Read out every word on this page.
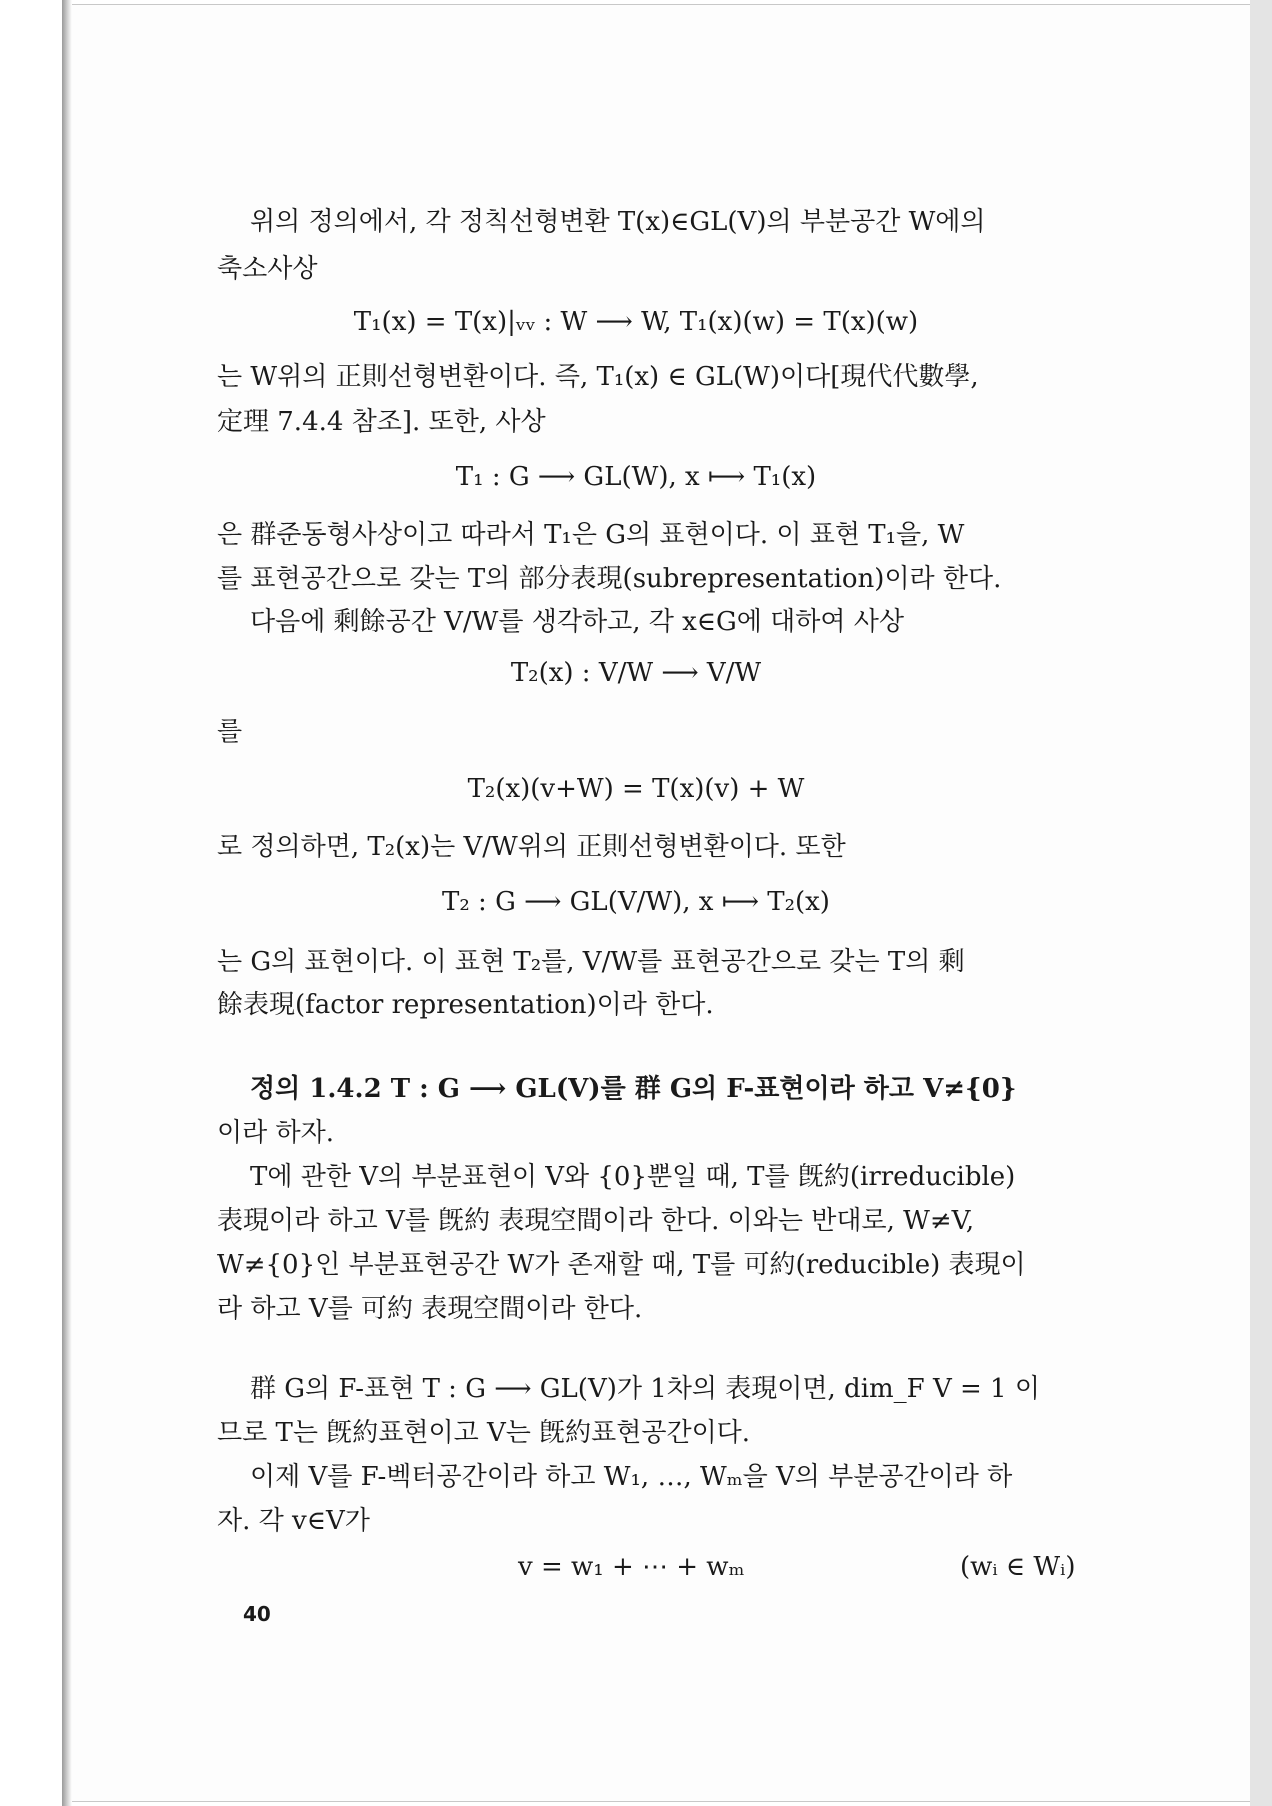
위의 정의에서, 각 정칙선형변환 T(x)∈GL(V)의 부분공간 W에의
축소사상
T₁(x) = T(x)|ᵥᵥ : W ⟶ W, T₁(x)(w) = T(x)(w)
는 W위의 正則선형변환이다. 즉, T₁(x) ∈ GL(W)이다[現代代數學,
定理 7.4.4 참조]. 또한, 사상
T₁ : G ⟶ GL(W), x ⟼ T₁(x)
은 群준동형사상이고 따라서 T₁은 G의 표현이다. 이 표현 T₁을, W
를 표현공간으로 갖는 T의 部分表現(subrepresentation)이라 한다.
다음에 剩餘공간 V/W를 생각하고, 각 x∈G에 대하여 사상
T₂(x) : V/W ⟶ V/W
를
T₂(x)(v+W) = T(x)(v) + W
로 정의하면, T₂(x)는 V/W위의 正則선형변환이다. 또한
T₂ : G ⟶ GL(V/W), x ⟼ T₂(x)
는 G의 표현이다. 이 표현 T₂를, V/W를 표현공간으로 갖는 T의 剩
餘表現(factor representation)이라 한다.
정의 1.4.2 T : G ⟶ GL(V)를 群 G의 F-표현이라 하고 V≠{0}
이라 하자.
T에 관한 V의 부분표현이 V와 {0}뿐일 때, T를 旣約(irreducible)
表現이라 하고 V를 旣約 表現空間이라 한다. 이와는 반대로, W≠V,
W≠{0}인 부분표현공간 W가 존재할 때, T를 可約(reducible) 表現이
라 하고 V를 可約 表現空間이라 한다.
群 G의 F-표현 T : G ⟶ GL(V)가 1차의 表現이면, dim_F V = 1 이
므로 T는 旣約표현이고 V는 旣約표현공간이다.
이제 V를 F-벡터공간이라 하고 W₁, …, Wₘ을 V의 부분공간이라 하
자. 각 v∈V가
v = w₁ + ⋯ + wₘ	(wᵢ ∈ Wᵢ)
40
